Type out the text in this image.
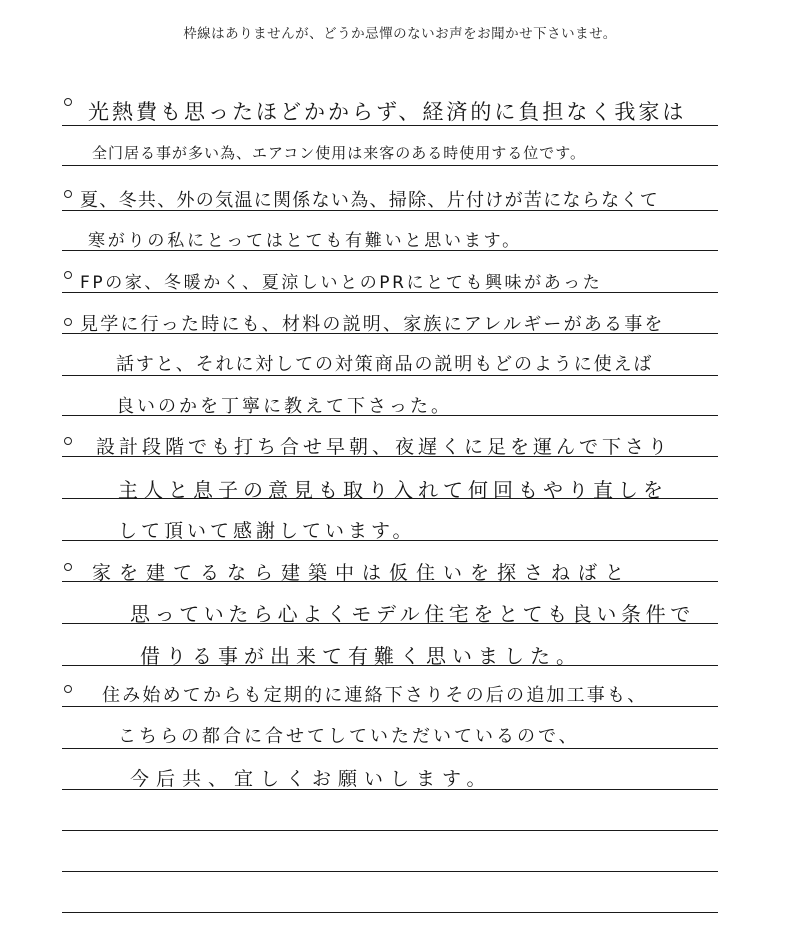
枠線はありませんが、どうか忌憚のないお声をお聞かせ下さいませ。
光熱費も思ったほどかからず、経済的に負担なく我家は
全门居る事が多い為、エアコン使用は来客のある時使用する位です。
夏、冬共、外の気温に関係ない為、掃除、片付けが苦にならなくて
寒がりの私にとってはとても有難いと思います。
FPの家、冬暖かく、夏涼しいとのPRにとても興味があった
見学に行った時にも、材料の説明、家族にアレルギーがある事を
話すと、それに対しての対策商品の説明もどのように使えば
良いのかを丁寧に教えて下さった。
設計段階でも打ち合せ早朝、夜遅くに足を運んで下さり
主人と息子の意見も取り入れて何回もやり直しを
して頂いて感謝しています。
家を建てるなら建築中は仮住いを探さねばと
思っていたら心よくモデル住宅をとても良い条件で
借りる事が出来て有難く思いました。
住み始めてからも定期的に連絡下さりその后の追加工事も、
こちらの都合に合せてしていただいているので、
今后共、宜しくお願いします。
